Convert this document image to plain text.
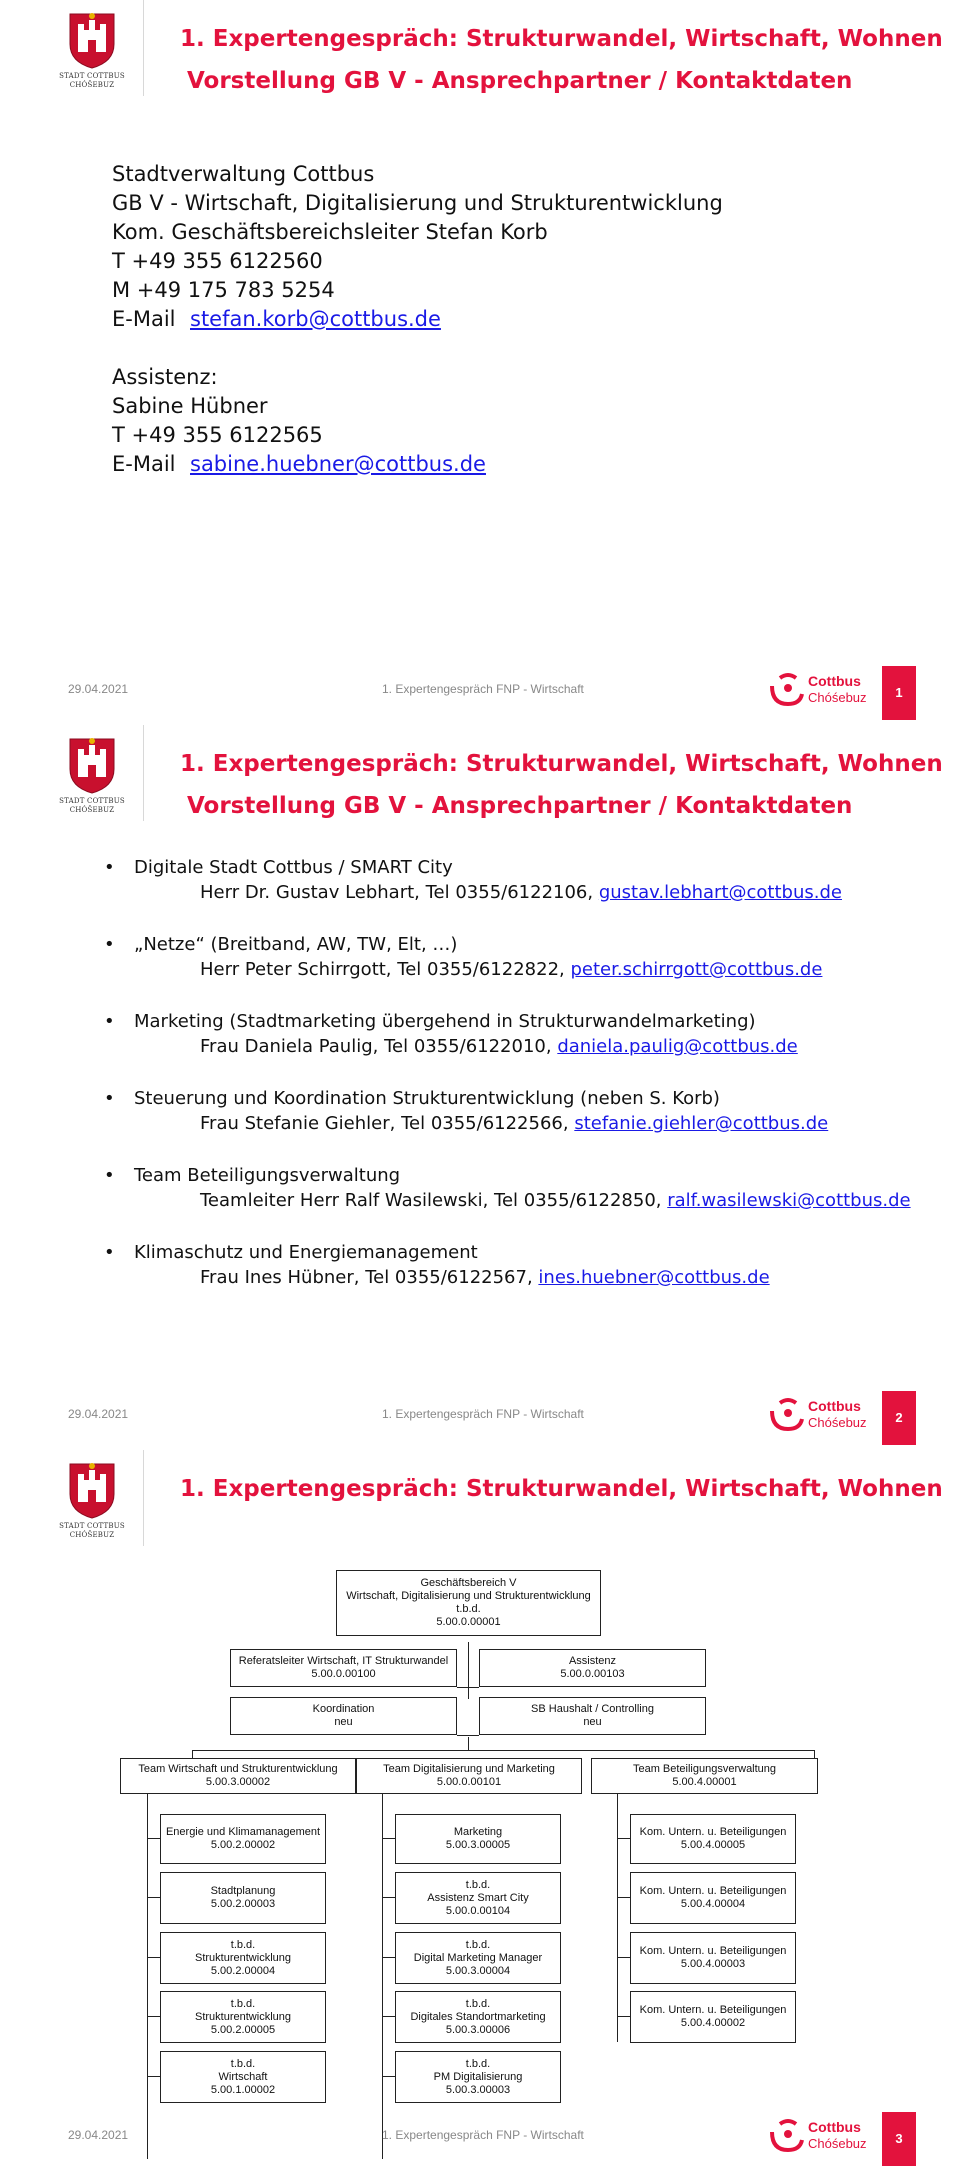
STADT COTTBUS
CHÓŠEBUZ
1. Expertengespräch: Strukturwandel, Wirtschaft, Wohnen
Vorstellung GB V - Ansprechpartner / Kontaktdaten
Stadtverwaltung Cottbus
GB V - Wirtschaft, Digitalisierung und Strukturentwicklung
Kom. Geschäftsbereichsleiter Stefan Korb
T +49 355 6122560
M +49 175 783 5254
E-Mail stefan.korb@cottbus.de
Assistenz:
Sabine Hübner
T +49 355 6122565
E-Mail sabine.huebner@cottbus.de
29.04.2021	1. Expertengespräch FNP - Wirtschaft	Cottbus
Chóśebuz	1
STADT COTTBUS
CHÓŠEBUZ
1. Expertengespräch: Strukturwandel, Wirtschaft, Wohnen
Vorstellung GB V - Ansprechpartner / Kontaktdaten
•	Digitale Stadt Cottbus / SMART City
Herr Dr. Gustav Lebhart, Tel 0355/6122106, gustav.lebhart@cottbus.de
•	„Netze“ (Breitband, AW, TW, Elt, …)
Herr Peter Schirrgott, Tel 0355/6122822, peter.schirrgott@cottbus.de
•	Marketing (Stadtmarketing übergehend in Strukturwandelmarketing)
Frau Daniela Paulig, Tel 0355/6122010, daniela.paulig@cottbus.de
•	Steuerung und Koordination Strukturentwicklung (neben S. Korb)
Frau Stefanie Giehler, Tel 0355/6122566, stefanie.giehler@cottbus.de
•	Team Beteiligungsverwaltung
Teamleiter Herr Ralf Wasilewski, Tel 0355/6122850, ralf.wasilewski@cottbus.de
•	Klimaschutz und Energiemanagement
Frau Ines Hübner, Tel 0355/6122567, ines.huebner@cottbus.de
29.04.2021	1. Expertengespräch FNP - Wirtschaft	Cottbus
Chóśebuz	2
STADT COTTBUS
CHÓŠEBUZ
1. Expertengespräch: Strukturwandel, Wirtschaft, Wohnen
Geschäftsbereich V
Wirtschaft, Digitalisierung und Strukturentwicklung
t.b.d.
5.00.0.00001
Referatsleiter Wirtschaft, IT Strukturwandel
5.00.0.00100
Assistenz
5.00.0.00103
Koordination
neu
SB Haushalt / Controlling
neu
Team Wirtschaft und Strukturentwicklung
5.00.3.00002
Team Digitalisierung und Marketing
5.00.0.00101
Team Beteiligungsverwaltung
5.00.4.00001
Energie und Klimamanagement
5.00.2.00002
Stadtplanung
5.00.2.00003
t.b.d.
Strukturentwicklung
5.00.2.00004
t.b.d.
Strukturentwicklung
5.00.2.00005
t.b.d.
Wirtschaft
5.00.1.00002
Marketing
5.00.3.00005
t.b.d.
Assistenz Smart City
5.00.0.00104
t.b.d.
Digital Marketing Manager
5.00.3.00004
t.b.d.
Digitales Standortmarketing
5.00.3.00006
t.b.d.
PM Digitalisierung
5.00.3.00003
Kom. Untern. u. Beteiligungen
5.00.4.00005
Kom. Untern. u. Beteiligungen
5.00.4.00004
Kom. Untern. u. Beteiligungen
5.00.4.00003
Kom. Untern. u. Beteiligungen
5.00.4.00002
29.04.2021	1. Expertengespräch FNP - Wirtschaft	Cottbus
Chóśebuz	3
